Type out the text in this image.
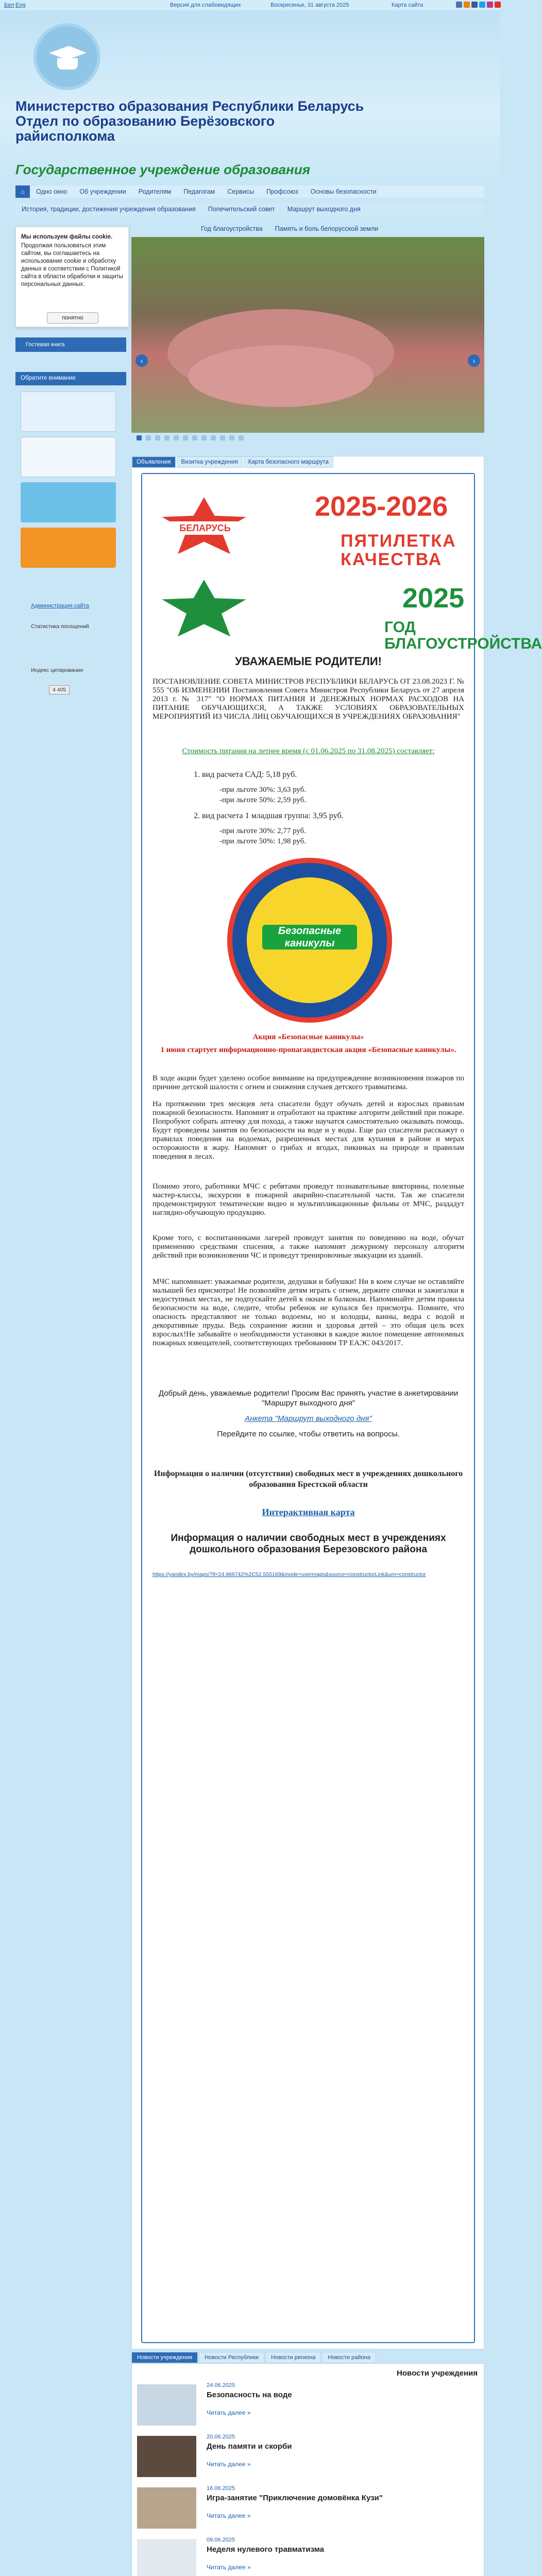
Бел Eng	Версия для слабовидящих	Воскресенье, 31 августа 2025	Карта сайта
Министерство образования Республики Беларусь
Отдел по образованию Берёзовского
райисполкома
Государственное учреждение образования
⌂	Одно окно	Об учреждении	Родителям	Педагогам	Сервисы	Профсоюз	Основы безопасности
История, традиции, достижения учреждения образования	Попечительский совет	Маршрут выходного дня
Год благоустройства Память и боль белорусской земли
Мы используем файлы cookie.
Продолжая пользоваться этим сайтом, вы соглашаетесь на использование cookie и обработку данных в соответствии с Политикой сайта в области обработки и защиты персональных данных.
понятно
Гостевая книга
Обратите внимание
Администрация сайта
Статистика посещений
Индекс цитирования
4 405
‹	›
Объявления	Визитка учреждения	Карта безопасного маршрута
БЕЛАРУСЬ
2025-2026
ПЯТИЛЕТКА
КАЧЕСТВА
2025
ГОД
БЛАГОУСТРОЙСТВА
УВАЖАЕМЫЕ РОДИТЕЛИ!
ПОСТАНОВЛЕНИЕ СОВЕТА МИНИСТРОВ РЕСПУБЛИКИ БЕЛАРУСЬ ОТ 23.08.2023 Г. № 555 "ОБ ИЗМЕНЕНИИ Постановления Совета Министров Республики Беларусь от 27 апреля 2013 г. № 317" "О НОРМАХ ПИТАНИЯ И ДЕНЕЖНЫХ НОРМАХ РАСХОДОВ НА ПИТАНИЕ ОБУЧАЮЩИХСЯ, А ТАКЖЕ УСЛОВИЯХ ОБРАЗОВАТЕЛЬНЫХ МЕРОПРИЯТИЙ ИЗ ЧИСЛА ЛИЦ ОБУЧАЮЩИХСЯ В УЧРЕЖДЕНИЯХ ОБРАЗОВАНИЯ"
Стоимость питания на летнее время (с 01.06.2025 по 31.08.2025) составляет:
1. вид расчета САД: 5,18 руб.
-при льготе 30%: 3,63 руб.
-при льготе 50%: 2,59 руб.
2. вид расчета 1 младшая группа: 3,95 руб.
-при льготе 30%: 2,77 руб.
-при льготе 50%: 1,98 руб.
Безопасные каникулы
Акция «Безопасные каникулы»
1 июня стартует информационно-пропагандистская акция «Безопасные каникулы».
В ходе акции будет уделено особое внимание на предупреждение возникновения пожаров по причине детской шалости с огнем и снижения случаев детского травматизма.
На протяжении трех месяцев лета спасатели будут обучать детей и взрослых правилам пожарной безопасности. Напомнят и отработают на практике алгоритм действий при пожаре. Попробуют собрать аптечку для похода, а также научатся самостоятельно оказывать помощь. Будут проведены занятия по безопасности на воде и у воды. Еще раз спасатели расскажут о правилах поведения на водоемах, разрешенных местах для купания в районе и мерах осторожности в жару. Напомнят о грибах и ягодах, пикниках на природе и правилам поведения в лесах.
Помимо этого, работники МЧС с ребятами проведут познавательные викторины, полезные мастер-классы, экскурсии в пожарной аварийно-спасательной части. Так же спасатели продемонстрируют тематические видео и мультипликационные фильмы от МЧС, раздадут наглядно-обучающую продукцию.
Кроме того, с воспитанниками лагерей проведут занятия по поведению на воде, обучат применению средствами спасения, а также напомнят дежурному персоналу алгоритм действий при возникновении ЧС и проведут тренировочные эвакуации из зданий.
МЧС напоминает: уважаемые родители, дедушки и бабушки! Ни в коем случае не оставляйте малышей без присмотра! Не позволяйте детям играть с огнем, держите спички и зажигалки в недоступных местах, не подпускайте детей к окнам и балконам. Напоминайте детям правила безопасности на воде, следите, чтобы ребенок не купался без присмотра. Помните, что опасность представляют не только водоемы, но и колодцы, ванны, ведра с водой и декоративные пруды. Ведь сохранение жизни и здоровья детей – это общая цель всех взрослых!Не забывайте о необходимости установки в каждое жилое помещение автономных пожарных извещателей, соответствующих требованиям ТР ЕАЭС 043/2017.
Добрый день, уважаемые родители! Просим Вас принять участие в анкетировании "Маршрут выходного дня"
Анкета "Маршрут выходного дня"
Перейдите по ссылке, чтобы ответить на вопросы.
Информация о наличии (отсутствии) свободных мест в учреждениях дошкольного образования Брестской области
Интерактивная карта
Информация о наличии свободных мест в учреждениях дошкольного образования Березовского района
https://yandex.by/maps/?ll=24.966742%2C52.555169&mode=usermaps&source=constructorLink&um=constructor
Новости учреждения	Новости Республики	Новости региона	Новости района
Новости учреждения
24.06.2025
Безопасность на воде
Читать далее »
20.06.2025
День памяти и скорби
Читать далее »
16.06.2025
Игра-занятие "Приключение домовёнка Кузи"
Читать далее »
09.06.2025
Неделя нулевого травматизма
Читать далее »
